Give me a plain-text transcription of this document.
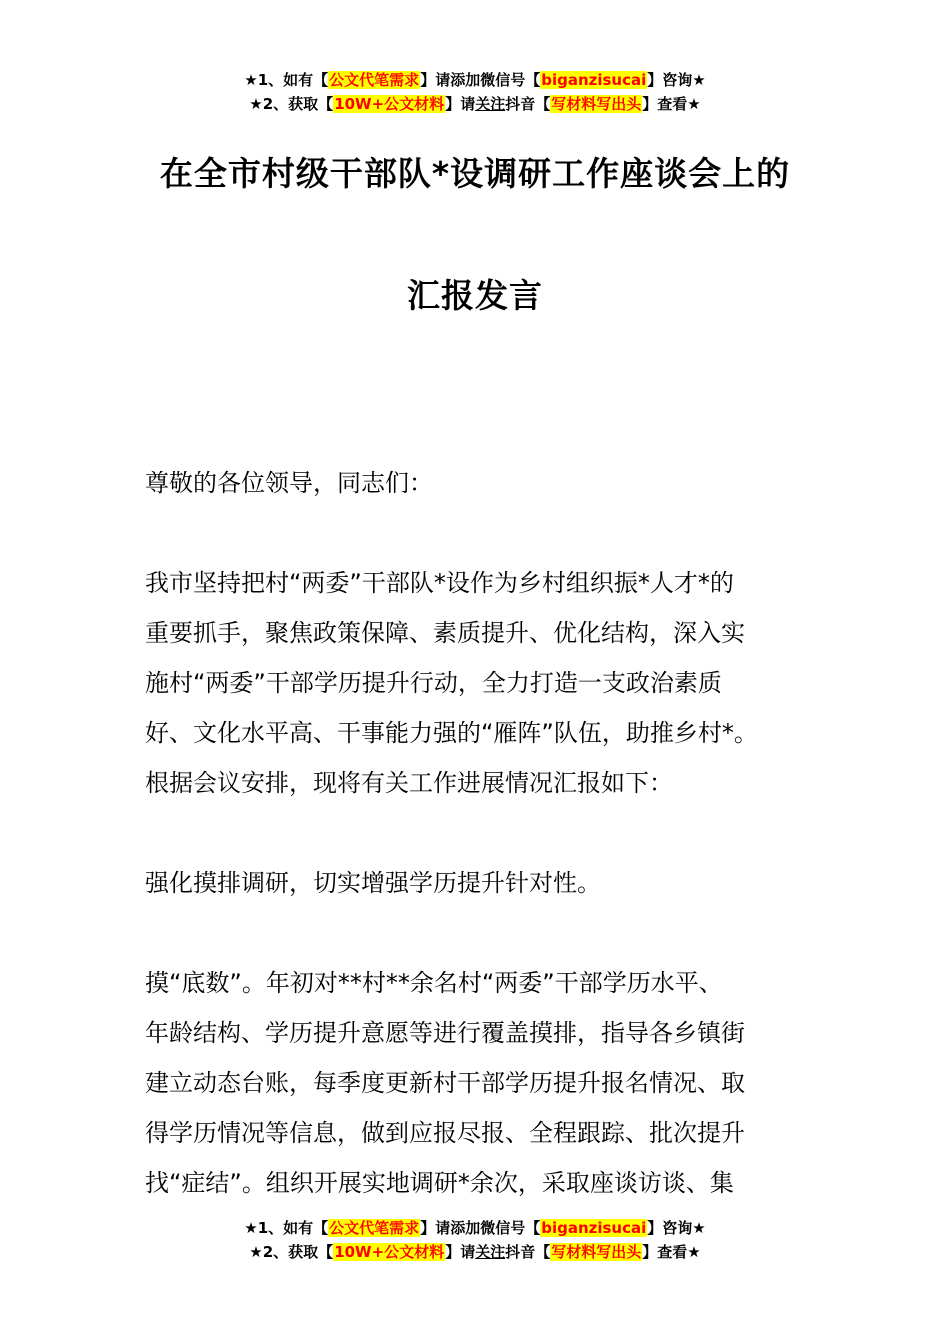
★1、如有【公文代笔需求】请添加微信号【biganzisucai】咨询★
★2、获取【10W+公文材料】请关注抖音【写材料写出头】查看★
在全市村级干部队*设调研工作座谈会上的
汇报发言
尊敬的各位领导，同志们：
我市坚持把村“两委”干部队*设作为乡村组织振*人才*的
重要抓手，聚焦政策保障、素质提升、优化结构，深入实
施村“两委”干部学历提升行动，全力打造一支政治素质
好、文化水平高、干事能力强的“雁阵”队伍，助推乡村*。
根据会议安排，现将有关工作进展情况汇报如下：
强化摸排调研，切实增强学历提升针对性。
摸“底数”。年初对**村**余名村“两委”干部学历水平、
年龄结构、学历提升意愿等进行覆盖摸排，指导各乡镇街
建立动态台账，每季度更新村干部学历提升报名情况、取
得学历情况等信息，做到应报尽报、全程跟踪、批次提升
找“症结”。组织开展实地调研*余次，采取座谈访谈、集
★1、如有【公文代笔需求】请添加微信号【biganzisucai】咨询★
★2、获取【10W+公文材料】请关注抖音【写材料写出头】查看★
